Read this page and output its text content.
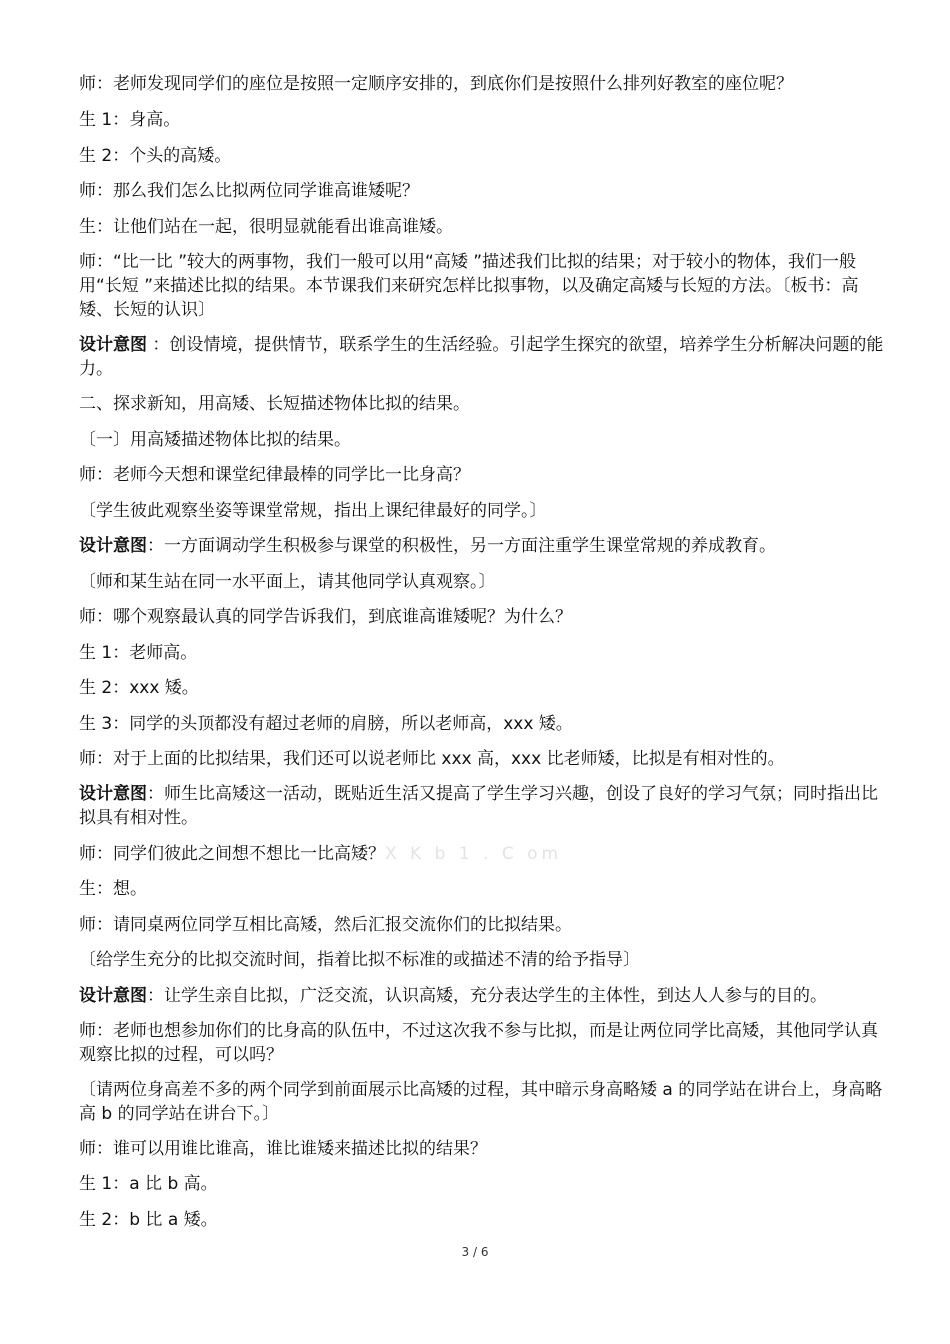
师：老师发现同学们的座位是按照一定顺序安排的，到底你们是按照什么排列好教室的座位呢？

生 1：身高。

生 2：个头的高矮。

师：那么我们怎么比拟两位同学谁高谁矮呢？

生：让他们站在一起，很明显就能看出谁高谁矮。

师：“比一比 ”较大的两事物，我们一般可以用“高矮 ”描述我们比拟的结果；对于较小的物体，我们一般用“长短 ”来描述比拟的结果。本节课我们来研究怎样比拟事物，以及确定高矮与长短的方法。〔板书：高矮、长短的认识〕

设计意图 ：创设情境，提供情节，联系学生的生活经验。引起学生探究的欲望，培养学生分析解决问题的能力。

二、探求新知，用高矮、长短描述物体比拟的结果。

〔一〕用高矮描述物体比拟的结果。

师：老师今天想和课堂纪律最棒的同学比一比身高？

〔学生彼此观察坐姿等课堂常规，指出上课纪律最好的同学。〕

设计意图：一方面调动学生积极参与课堂的积极性，另一方面注重学生课堂常规的养成教育。

〔师和某生站在同一水平面上，请其他同学认真观察。〕

师：哪个观察最认真的同学告诉我们，到底谁高谁矮呢？为什么？

生 1：老师高。

生 2：xxx 矮。

生 3：同学的头顶都没有超过老师的肩膀，所以老师高，xxx 矮。

师：对于上面的比拟结果，我们还可以说老师比 xxx 高，xxx 比老师矮，比拟是有相对性的。

设计意图：师生比高矮这一活动，既贴近生活又提高了学生学习兴趣，创设了良好的学习气氛；同时指出比拟具有相对性。

师：同学们彼此之间想不想比一比高矮？X K b 1 . C om

生：想。

师：请同桌两位同学互相比高矮，然后汇报交流你们的比拟结果。

〔给学生充分的比拟交流时间，指着比拟不标准的或描述不清的给予指导〕

设计意图：让学生亲自比拟，广泛交流，认识高矮，充分表达学生的主体性，到达人人参与的目的。

师：老师也想参加你们的比身高的队伍中，不过这次我不参与比拟，而是让两位同学比高矮，其他同学认真观察比拟的过程，可以吗？

〔请两位身高差不多的两个同学到前面展示比高矮的过程，其中暗示身高略矮 a 的同学站在讲台上，身高略高 b 的同学站在讲台下。〕

师：谁可以用谁比谁高，谁比谁矮来描述比拟的结果？

生 1：a 比 b 高。

生 2：b 比 a 矮。

3 / 6
